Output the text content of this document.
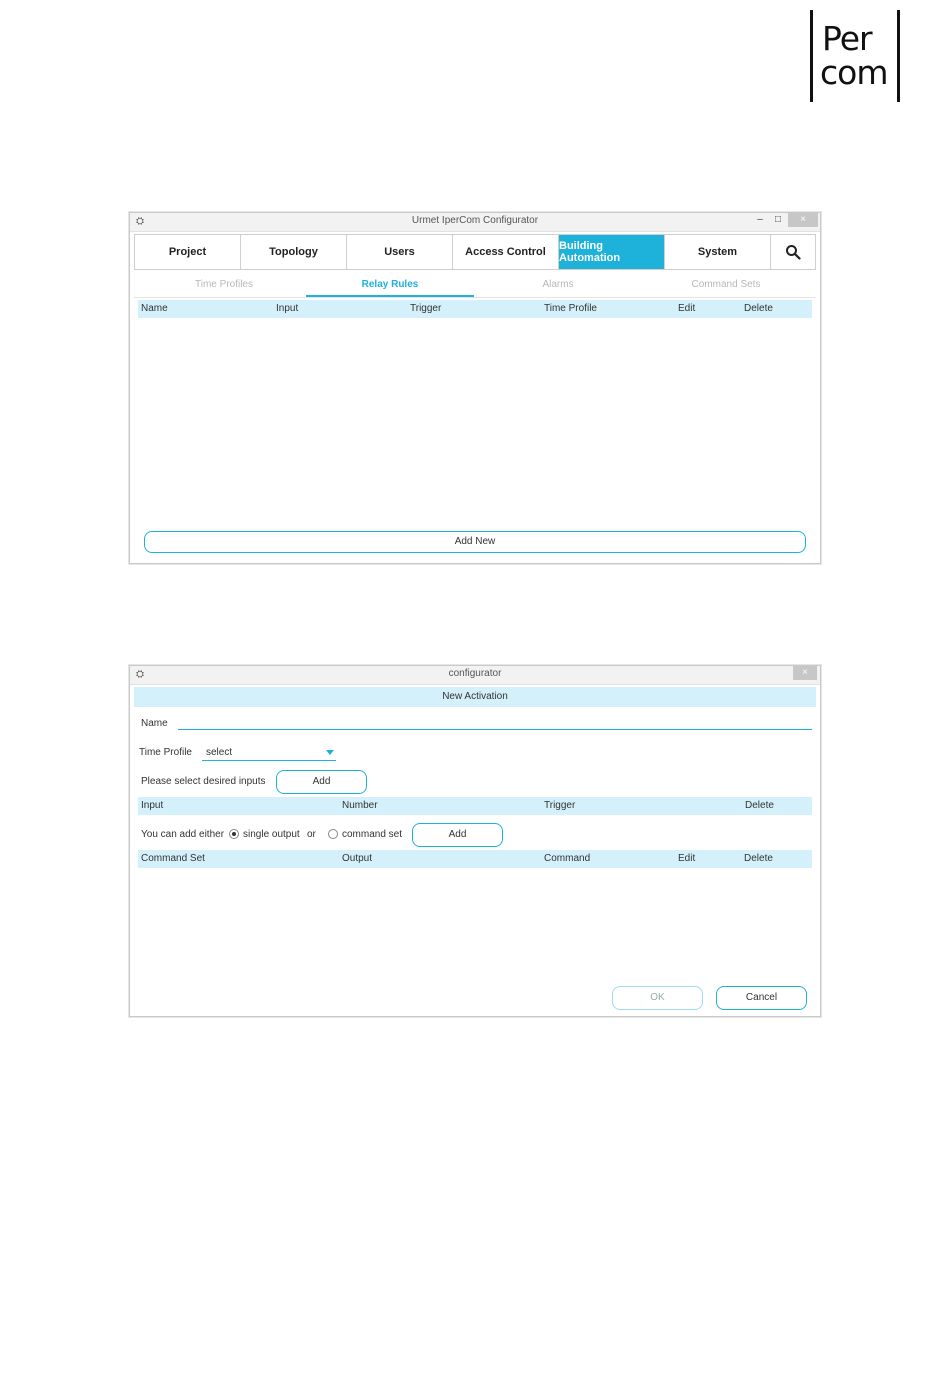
Per
com
⛭	Urmet IperCom Configurator	–	□	×
Project	Topology	Users	Access Control	Building Automation	System
Time Profiles	Relay Rules	Alarms	Command Sets
Name	Input	Trigger	Time Profile	Edit	Delete
Add New
⛭	configurator	×
New Activation
Name
Time Profile select
Please select desired inputs	Add
Input	Number	Trigger	Delete
You can add either single output or	command set	Add
Command Set	Output	Command	Edit	Delete
OK	Cancel
